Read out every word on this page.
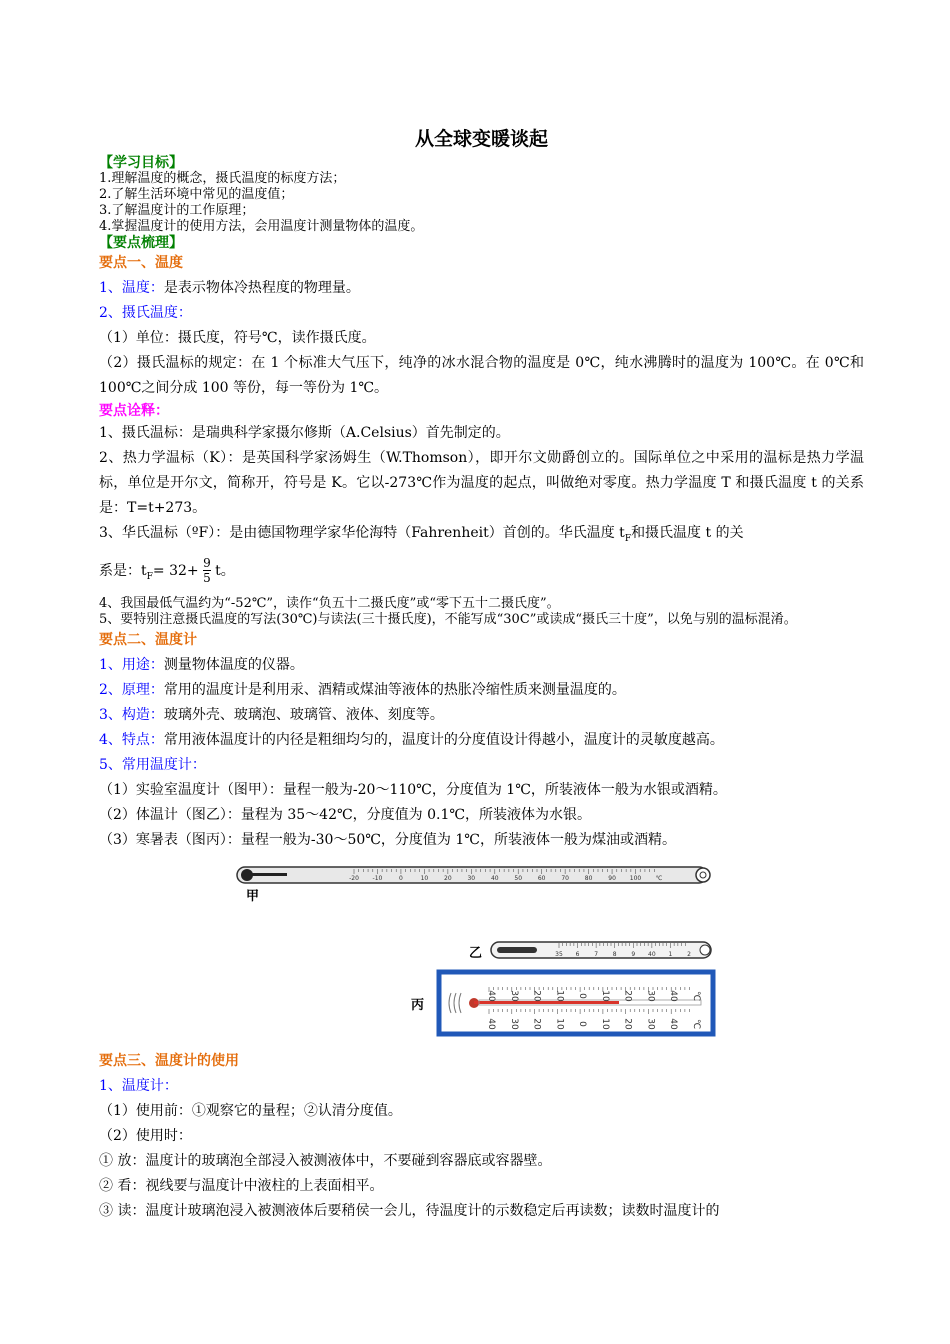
从全球变暖谈起
【学习目标】
1.理解温度的概念，摄氏温度的标度方法；
2.了解生活环境中常见的温度值；
3.了解温度计的工作原理；
4.掌握温度计的使用方法，会用温度计测量物体的温度。
【要点梳理】
要点一、温度
1、温度：是表示物体冷热程度的物理量。
2、摄氏温度：
（1）单位：摄氏度，符号℃，读作摄氏度。
（2）摄氏温标的规定：在 1 个标准大气压下，纯净的冰水混合物的温度是 0℃，纯水沸腾时的温度为 100℃。在 0℃和 100℃之间分成 100 等份，每一等份为 1℃。
要点诠释：
1、摄氏温标：是瑞典科学家摄尔修斯（A.Celsius）首先制定的。
2、热力学温标（K）：是英国科学家汤姆生（W.Thomson），即开尔文勋爵创立的。国际单位之中采用的温标是热力学温标，单位是开尔文，简称开，符号是 K。它以-273℃作为温度的起点，叫做绝对零度。热力学温度 T 和摄氏温度 t 的关系是：T=t+273。
3、华氏温标（ºF）：是由德国物理学家华伦海特（Fahrenheit）首创的。华氏温度 $t_F$和摄氏温度 t 的关
系是：$t_F= 32+ \frac{9}{5}$ t。
4、我国最低气温约为“-52℃”，读作“负五十二摄氏度”或“零下五十二摄氏度”。
5、要特别注意摄氏温度的写法(30℃)与读法(三十摄氏度)，不能写成“30C”或读成“摄氏三十度”，以免与别的温标混淆。
要点二、温度计
1、用途：测量物体温度的仪器。
2、原理：常用的温度计是利用汞、酒精或煤油等液体的热胀冷缩性质来测量温度的。
3、构造：玻璃外壳、玻璃泡、玻璃管、液体、刻度等。
4、特点：常用液体温度计的内径是粗细均匀的，温度计的分度值设计得越小，温度计的灵敏度越高。
5、常用温度计：
（1）实验室温度计（图甲）：量程一般为-20～110℃，分度值为 1℃，所装液体一般为水银或酒精。
（2）体温计（图乙）：量程为 35～42℃，分度值为 0.1℃，所装液体为水银。
（3）寒暑表（图丙）：量程一般为-30～50℃，分度值为 1℃，所装液体一般为煤油或酒精。
-20 -10	0	10	20	30	40	50	60	70	80	90 100 ℃
甲
35 6 7 8 9 40 1 2
乙
40 30 20 10 0 10 20 30 40 ℃
40 30 20 10 0 10 20 30 40 ℃
丙
要点三、温度计的使用
1、温度计：
（1）使用前：①观察它的量程；②认清分度值。
（2）使用时：
① 放：温度计的玻璃泡全部浸入被测液体中，不要碰到容器底或容器壁。
② 看：视线要与温度计中液柱的上表面相平。
③ 读：温度计玻璃泡浸入被测液体后要稍侯一会儿，待温度计的示数稳定后再读数；读数时温度计的
